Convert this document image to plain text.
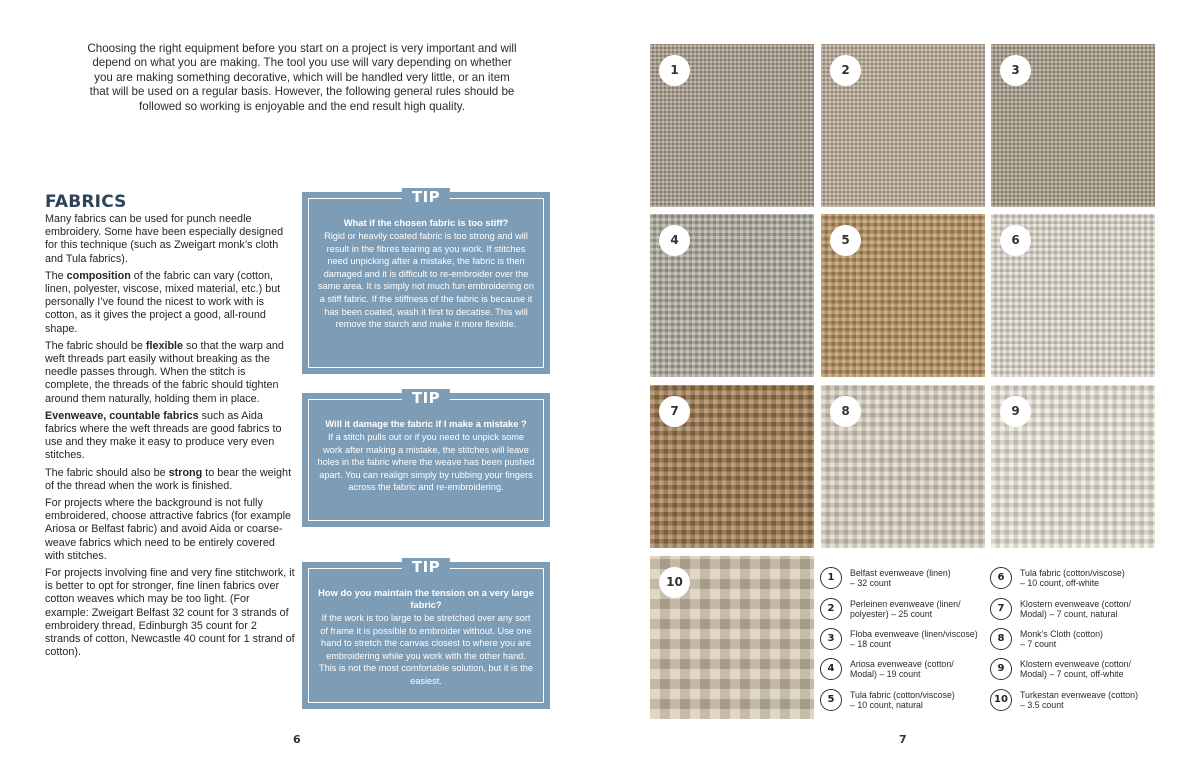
Choosing the right equipment before you start on a project is very important and will depend on what you are making. The tool you use will vary depending on whether you are making something decorative, which will be handled very little, or an item that will be used on a regular basis. However, the following general rules should be followed so working is enjoyable and the end result high quality.
FABRICS

Many fabrics can be used for punch needle embroidery. Some have been especially designed for this technique (such as Zweigart monk’s cloth and Tula fabrics).

The composition of the fabric can vary (cotton, linen, polyester, viscose, mixed material, etc.) but personally I’ve found the nicest to work with is cotton, as it gives the project a good, all-round shape.

The fabric should be flexible so that the warp and weft threads part easily without breaking as the needle passes through. When the stitch is complete, the threads of the fabric should tighten around them naturally, holding them in place.

Evenweave, countable fabrics such as Aida fabrics where the weft threads are good fabrics to use and they make it easy to produce very even stitches.

The fabric should also be strong to bear the weight of the thread when the work is finished.

For projects where the background is not fully embroidered, choose attractive fabrics (for example Ariosa or Belfast fabric) and avoid Aida or coarse-weave fabrics which need to be entirely covered with stitches.

For projects involving fine and very fine stitchwork, it is better to opt for stronger, fine linen fabrics over cotton weaves which may be too light. (For example: Zweigart Belfast 32 count for 3 strands of embroidery thread, Edinburgh 35 count for 2 strands of cotton, Newcastle 40 count for 1 strand of cotton).

TIP
What if the chosen fabric is too stiff?
Rigid or heavily coated fabric is too strong and will result in the fibres tearing as you work. If stitches need unpicking after a mistake, the fabric is then damaged and it is difficult to re-embroider over the same area. It is simply not much fun embroidering on a stiff fabric. If the stiffness of the fabric is because it has been coated, wash it first to decatise. This will remove the starch and make it more flexible.
TIP
Will it damage the fabric if I make a mistake ?
If a stitch pulls out or if you need to unpick some work after making a mistake, the stitches will leave holes in the fabric where the weave has been pushed apart. You can realign simply by rubbing your fingers across the fabric and re-embroidering.
TIP
How do you maintain the tension on a very large fabric?
If the work is too large to be stretched over any sort of frame it is possible to embroider without. Use one hand to stretch the canvas closest to where you are embroidering while you work with the other hand. This is not the most comfortable solution, but it is the easiest.
6
1	2	3
4	5	6
7	8	9
10	1	Belfast evenweave (linen)
– 32 count
2	Perleinen evenweave (linen/
polyester) – 25 count
3	Floba evenweave (linen/viscose)
– 18 count
4	Ariosa evenweave (cotton/
Modal) – 19 count
5	Tula fabric (cotton/viscose)
– 10 count, natural
6	Tula fabric (cotton/viscose)
– 10 count, off-white
7	Klostern evenweave (cotton/
Modal) – 7 count, natural
8	Monk’s Cloth (cotton)
– 7 count
9	Klostern evenweave (cotton/
Modal) – 7 count, off-white
10	Turkestan evenweave (cotton)
– 3.5 count
7
